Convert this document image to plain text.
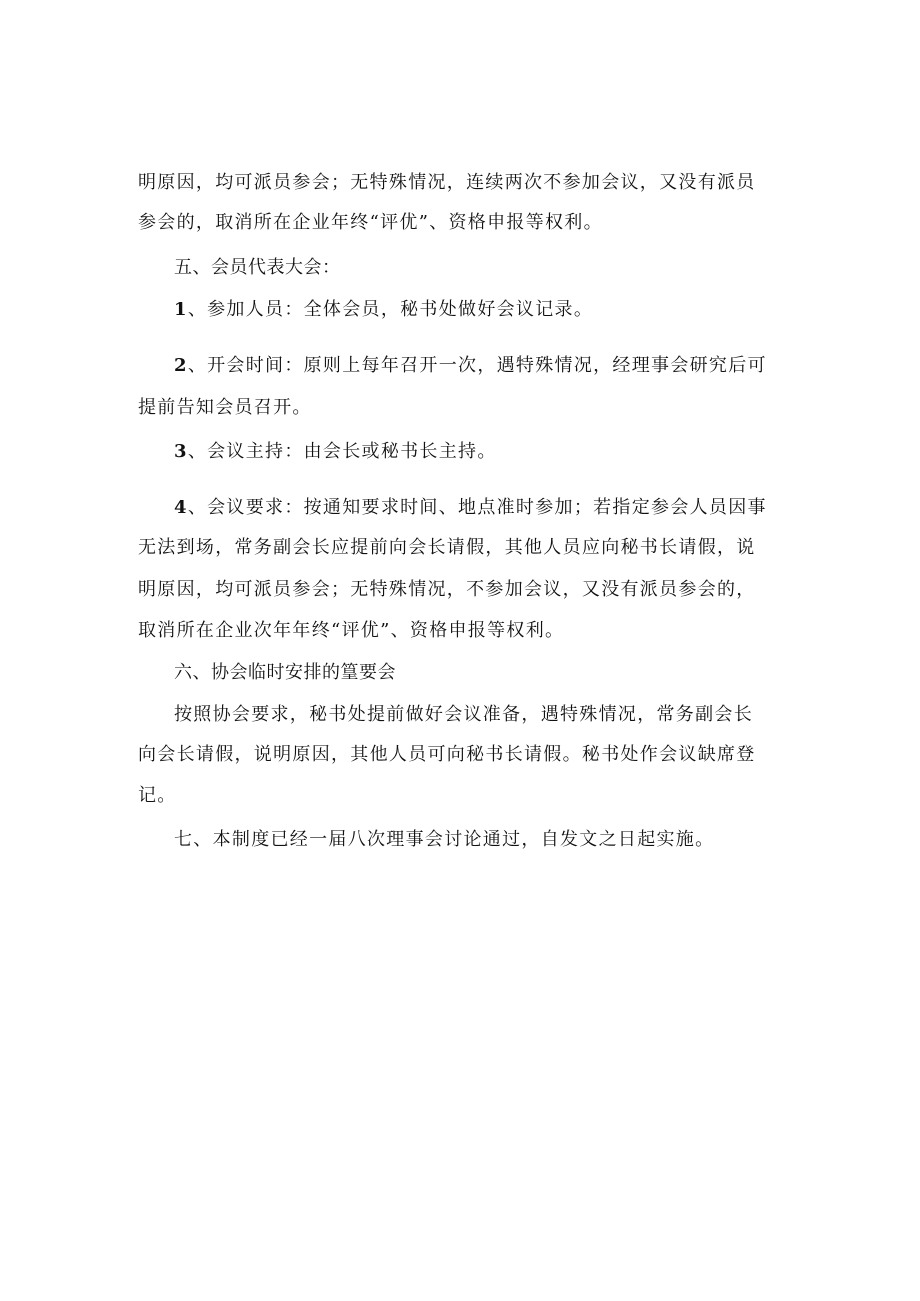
明原因，均可派员参会；无特殊情况，连续两次不参加会议，又没有派员
参会的，取消所在企业年终“评优”、资格申报等权利。
五、会员代表大会：
1、参加人员：全体会员，秘书处做好会议记录。
2、开会时间：原则上每年召开一次，遇特殊情况，经理事会研究后可
提前告知会员召开。
3、会议主持：由会长或秘书长主持。
4、会议要求：按通知要求时间、地点准时参加；若指定参会人员因事
无法到场，常务副会长应提前向会长请假，其他人员应向秘书长请假，说
明原因，均可派员参会；无特殊情况，不参加会议，又没有派员参会的，
取消所在企业次年年终“评优”、资格申报等权利。
六、协会临时安排的篁要会
按照协会要求，秘书处提前做好会议准备，遇特殊情况，常务副会长
向会长请假，说明原因，其他人员可向秘书长请假。秘书处作会议缺席登
记。
七、本制度已经一届八次理事会讨论通过，自发文之日起实施。
